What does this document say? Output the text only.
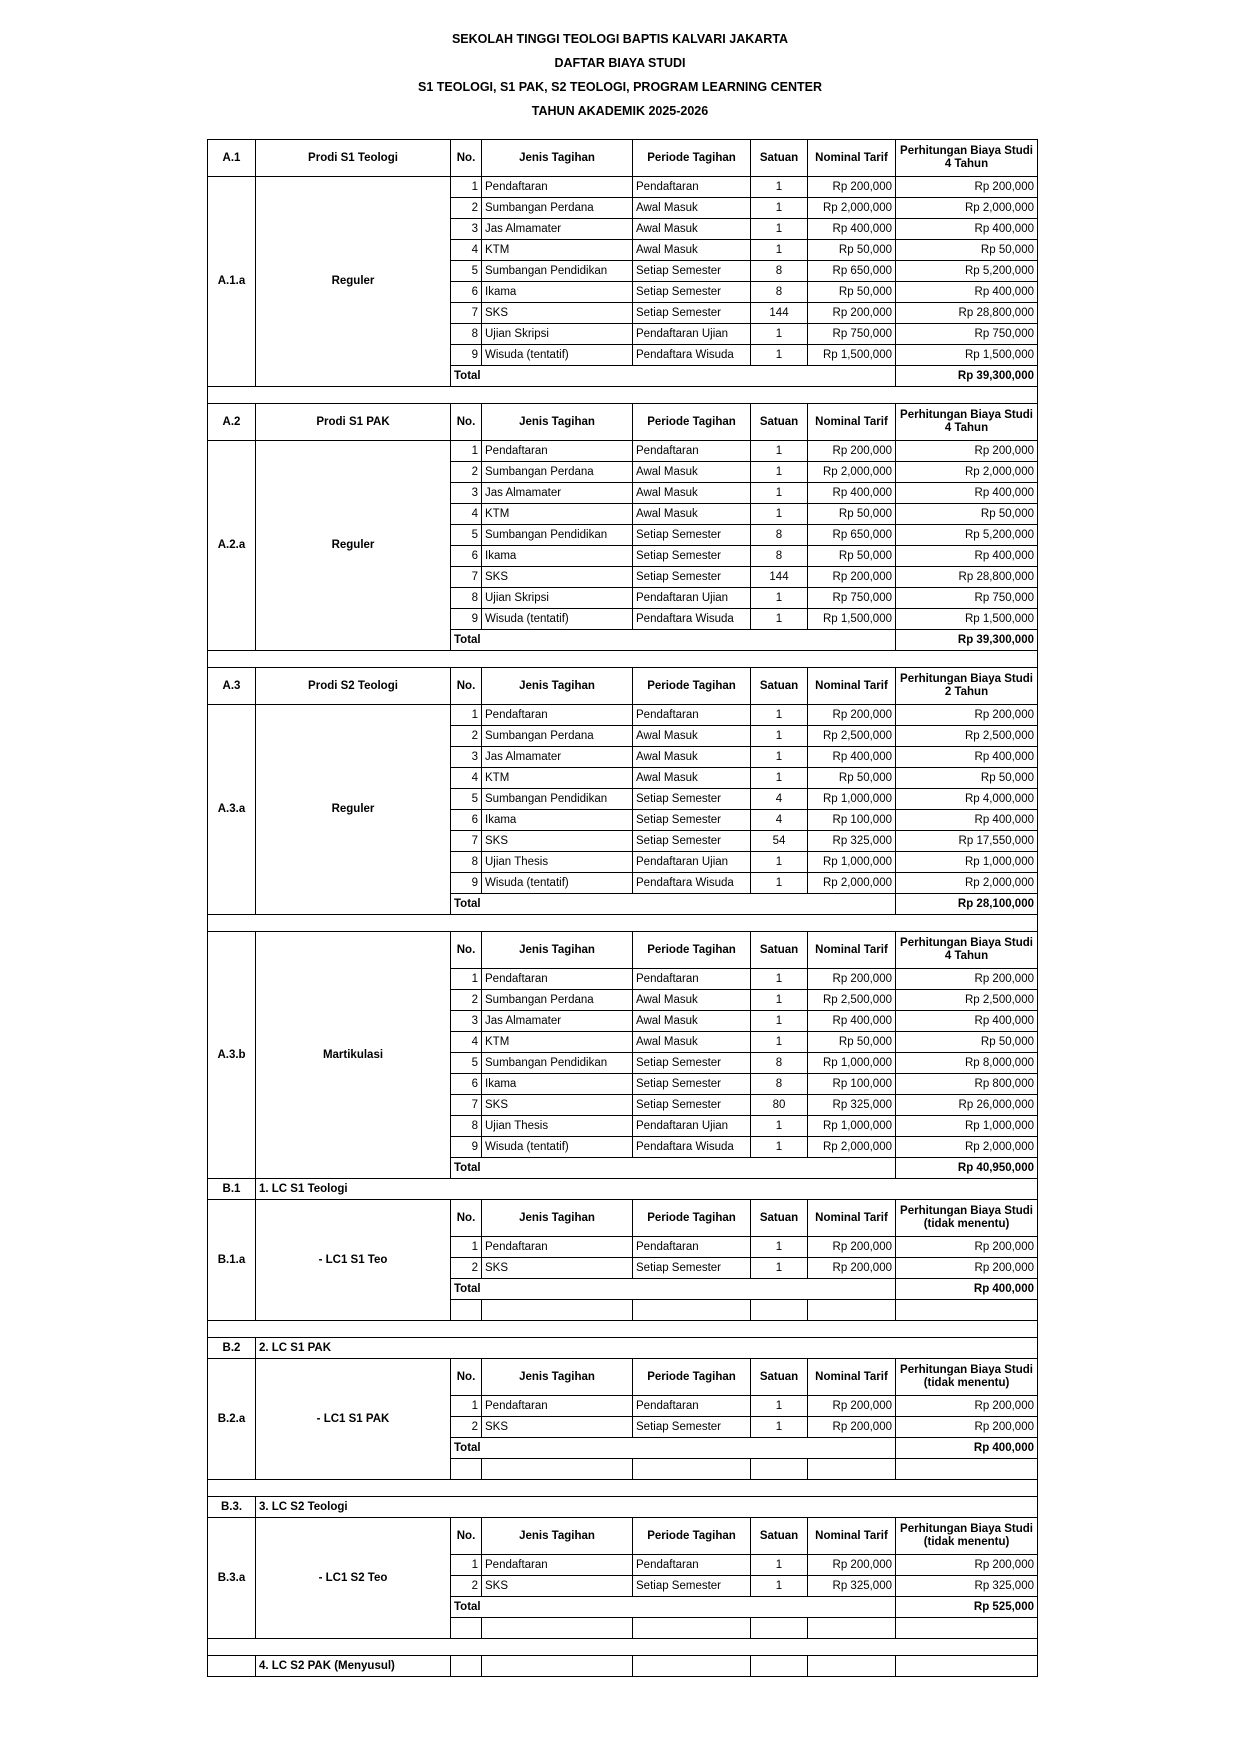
SEKOLAH TINGGI TEOLOGI BAPTIS KALVARI JAKARTA
DAFTAR BIAYA STUDI
S1 TEOLOGI, S1 PAK, S2 TEOLOGI, PROGRAM LEARNING CENTER
TAHUN AKADEMIK 2025-2026
A.1	Prodi S1 Teologi	No.	Jenis Tagihan	Periode Tagihan	Satuan	Nominal Tarif	Perhitungan Biaya Studi 4 Tahun
A.1.a	Reguler	1	Pendaftaran	Pendaftaran	1	Rp 200,000	Rp 200,000
		2	Sumbangan Perdana	Awal Masuk	1	Rp 2,000,000	Rp 2,000,000
		3	Jas Almamater	Awal Masuk	1	Rp 400,000	Rp 400,000
		4	KTM	Awal Masuk	1	Rp 50,000	Rp 50,000
		5	Sumbangan Pendidikan	Setiap Semester	8	Rp 650,000	Rp 5,200,000
		6	Ikama	Setiap Semester	8	Rp 50,000	Rp 400,000
		7	SKS	Setiap Semester	144	Rp 200,000	Rp 28,800,000
		8	Ujian Skripsi	Pendaftaran Ujian	1	Rp 750,000	Rp 750,000
		9	Wisuda (tentatif)	Pendaftara Wisuda	1	Rp 1,500,000	Rp 1,500,000
		Total					Rp 39,300,000

A.2	Prodi S1 PAK	No.	Jenis Tagihan	Periode Tagihan	Satuan	Nominal Tarif	Perhitungan Biaya Studi 4 Tahun
A.2.a	Reguler	1	Pendaftaran	Pendaftaran	1	Rp 200,000	Rp 200,000
		2	Sumbangan Perdana	Awal Masuk	1	Rp 2,000,000	Rp 2,000,000
		3	Jas Almamater	Awal Masuk	1	Rp 400,000	Rp 400,000
		4	KTM	Awal Masuk	1	Rp 50,000	Rp 50,000
		5	Sumbangan Pendidikan	Setiap Semester	8	Rp 650,000	Rp 5,200,000
		6	Ikama	Setiap Semester	8	Rp 50,000	Rp 400,000
		7	SKS	Setiap Semester	144	Rp 200,000	Rp 28,800,000
		8	Ujian Skripsi	Pendaftaran Ujian	1	Rp 750,000	Rp 750,000
		9	Wisuda (tentatif)	Pendaftara Wisuda	1	Rp 1,500,000	Rp 1,500,000
		Total					Rp 39,300,000

A.3	Prodi S2 Teologi	No.	Jenis Tagihan	Periode Tagihan	Satuan	Nominal Tarif	Perhitungan Biaya Studi 2 Tahun
A.3.a	Reguler	1	Pendaftaran	Pendaftaran	1	Rp 200,000	Rp 200,000
		2	Sumbangan Perdana	Awal Masuk	1	Rp 2,500,000	Rp 2,500,000
		3	Jas Almamater	Awal Masuk	1	Rp 400,000	Rp 400,000
		4	KTM	Awal Masuk	1	Rp 50,000	Rp 50,000
		5	Sumbangan Pendidikan	Setiap Semester	4	Rp 1,000,000	Rp 4,000,000
		6	Ikama	Setiap Semester	4	Rp 100,000	Rp 400,000
		7	SKS	Setiap Semester	54	Rp 325,000	Rp 17,550,000
		8	Ujian Thesis	Pendaftaran Ujian	1	Rp 1,000,000	Rp 1,000,000
		9	Wisuda (tentatif)	Pendaftara Wisuda	1	Rp 2,000,000	Rp 2,000,000
		Total					Rp 28,100,000

A.3.b	Martikulasi	No.	Jenis Tagihan	Periode Tagihan	Satuan	Nominal Tarif	Perhitungan Biaya Studi 4 Tahun
		1	Pendaftaran	Pendaftaran	1	Rp 200,000	Rp 200,000
		2	Sumbangan Perdana	Awal Masuk	1	Rp 2,500,000	Rp 2,500,000
		3	Jas Almamater	Awal Masuk	1	Rp 400,000	Rp 400,000
		4	KTM	Awal Masuk	1	Rp 50,000	Rp 50,000
		5	Sumbangan Pendidikan	Setiap Semester	8	Rp 1,000,000	Rp 8,000,000
		6	Ikama	Setiap Semester	8	Rp 100,000	Rp 800,000
		7	SKS	Setiap Semester	80	Rp 325,000	Rp 26,000,000
		8	Ujian Thesis	Pendaftaran Ujian	1	Rp 1,000,000	Rp 1,000,000
		9	Wisuda (tentatif)	Pendaftara Wisuda	1	Rp 2,000,000	Rp 2,000,000
		Total					Rp 40,950,000
B.1	1. LC S1 Teologi						
B.1.a	- LC1 S1 Teo	No.	Jenis Tagihan	Periode Tagihan	Satuan	Nominal Tarif	Perhitungan Biaya Studi (tidak menentu)
		1	Pendaftaran	Pendaftaran	1	Rp 200,000	Rp 200,000
		2	SKS	Setiap Semester	1	Rp 200,000	Rp 200,000
		Total					Rp 400,000

B.2	2. LC S1 PAK						
B.2.a	- LC1 S1 PAK	No.	Jenis Tagihan	Periode Tagihan	Satuan	Nominal Tarif	Perhitungan Biaya Studi (tidak menentu)
		1	Pendaftaran	Pendaftaran	1	Rp 200,000	Rp 200,000
		2	SKS	Setiap Semester	1	Rp 200,000	Rp 200,000
		Total					Rp 400,000

B.3.	3. LC S2 Teologi						
B.3.a	- LC1 S2 Teo	No.	Jenis Tagihan	Periode Tagihan	Satuan	Nominal Tarif	Perhitungan Biaya Studi (tidak menentu)
		1	Pendaftaran	Pendaftaran	1	Rp 200,000	Rp 200,000
		2	SKS	Setiap Semester	1	Rp 325,000	Rp 325,000
		Total					Rp 525,000

	4. LC S2 PAK (Menyusul)						
